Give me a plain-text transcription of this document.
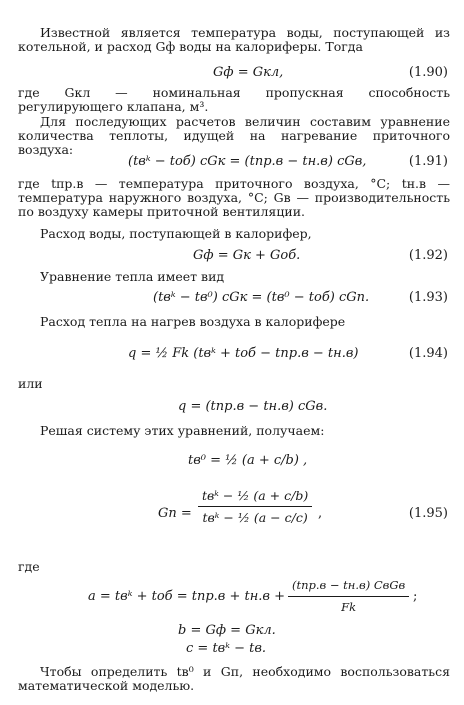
Известной является температура воды, поступающей из котельной, и расход Gф воды на калориферы. Тогда

Gф = Gкл,	(1.90)

где Gкл — номинальная пропускная способность регулирующего клапана, м³.

Для последующих расчетов величин составим уравнение количества теплоты, идущей на нагревание приточного воздуха:

(tвᵏ − tоб) cGк = (tпр.в − tн.в) cGв,	(1.91)

где tпр.в — температура приточного воздуха, °С; tн.в — температура наружного воздуха, °С; Gв — производительность по воздуху камеры приточной вентиляции.

Расход воды, поступающей в калорифер,

Gф = Gк + Gоб.	(1.92)

Уравнение тепла имеет вид

(tвᵏ − tв⁰) cGк = (tв⁰ − tоб) cGп.	(1.93)

Расход тепла на нагрев воздуха в калорифере

q = ½ Fk (tвᵏ + tоб − tпр.в − tн.в)	(1.94)

или

q = (tпр.в − tн.в) cGв.

Решая систему этих уравнений, получаем:

tв⁰ = ½ (a + c/b) ,
Gп =
tвᵏ − ½ (a + c/b)
tвᵏ − ½ (a − c/c) ,	(1.95)

где

a = tвᵏ + tоб = tпр.в + tн.в +
(tпр.в − tн.в) CвGв
Fk
;
b = Gф = Gкл.
c = tвᵏ − tв.

Чтобы определить tв⁰ и Gп, необходимо воспользоваться математической моделью.
